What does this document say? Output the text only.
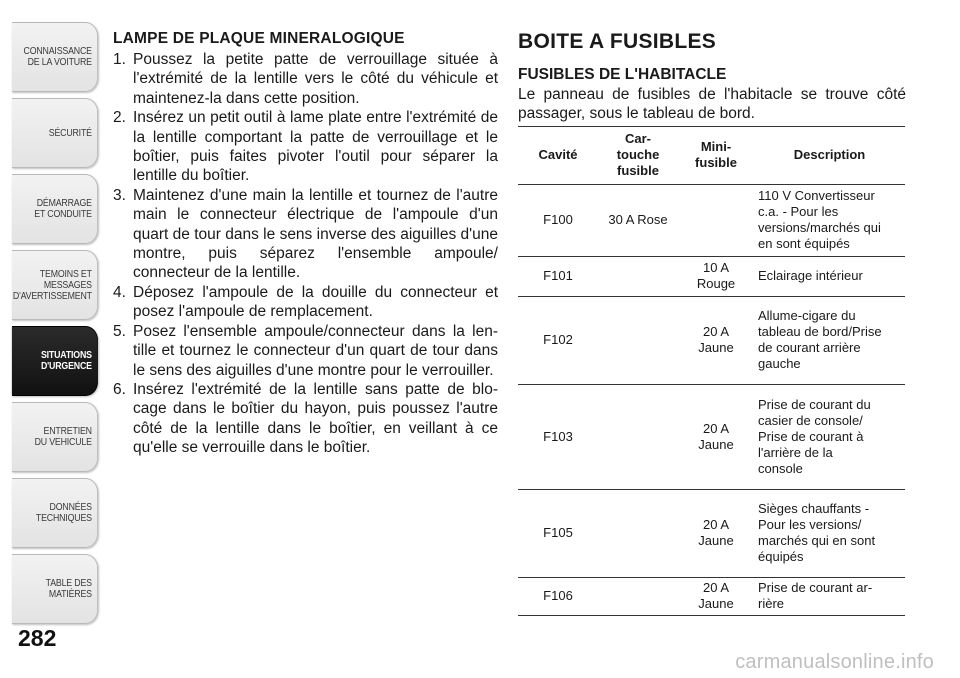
CONNAISSANCE
DE LA VOITURE
SÉCURITÉ
DÉMARRAGE
ET CONDUITE
TEMOINS ET
MESSAGES
D'AVERTISSEMENT
SITUATIONS
D'URGENCE
ENTRETIEN
DU VEHICULE
DONNÉES
TECHNIQUES
TABLE DES
MATIÈRES
282
LAMPE DE PLAQUE MINERALOGIQUE
1. Poussez la petite patte de verrouillage située à l'extrémité de la lentille vers le côté du véhicule et maintenez-la dans cette position.
2. Insérez un petit outil à lame plate entre l'extrémité de la lentille comportant la patte de verrouillage et le boîtier, puis faites pivoter l'outil pour séparer la lentille du boîtier.
3. Maintenez d'une main la lentille et tournez de l'autre main le connecteur électrique de l'ampoule d'un quart de tour dans le sens inverse des aiguilles d'une montre, puis séparez l'ensemble ampoule/ connecteur de la lentille.
4. Déposez l'ampoule de la douille du connecteur et posez l'ampoule de remplacement.
5. Posez l'ensemble ampoule/connecteur dans la len-tille et tournez le connecteur d'un quart de tour dans le sens des aiguilles d'une montre pour le verrouiller.
6. Insérez l'extrémité de la lentille sans patte de blo-cage dans le boîtier du hayon, puis poussez l'autre côté de la lentille dans le boîtier, en veillant à ce qu'elle se verrouille dans le boîtier.
BOITE A FUSIBLES
FUSIBLES DE L'HABITACLE

Le panneau de fusibles de l'habitacle se trouve côté passager, sous le tableau de bord.

Cavité	Car-
touche
fusible	Mini-
fusible	Description
F100	30 A Rose		110 V Convertisseur
c.a. - Pour les
versions/marchés qui
en sont équipés
F101		10 A
Rouge	Eclairage intérieur
F102		20 A
Jaune	Allume-cigare du
tableau de bord/Prise
de courant arrière
gauche
F103		20 A
Jaune	Prise de courant du
casier de console/
Prise de courant à
l'arrière de la
console
F105		20 A
Jaune	Sièges chauffants -
Pour les versions/
marchés qui en sont
équipés
F106		20 A
Jaune	Prise de courant ar-
rière
carmanualsonline.info
